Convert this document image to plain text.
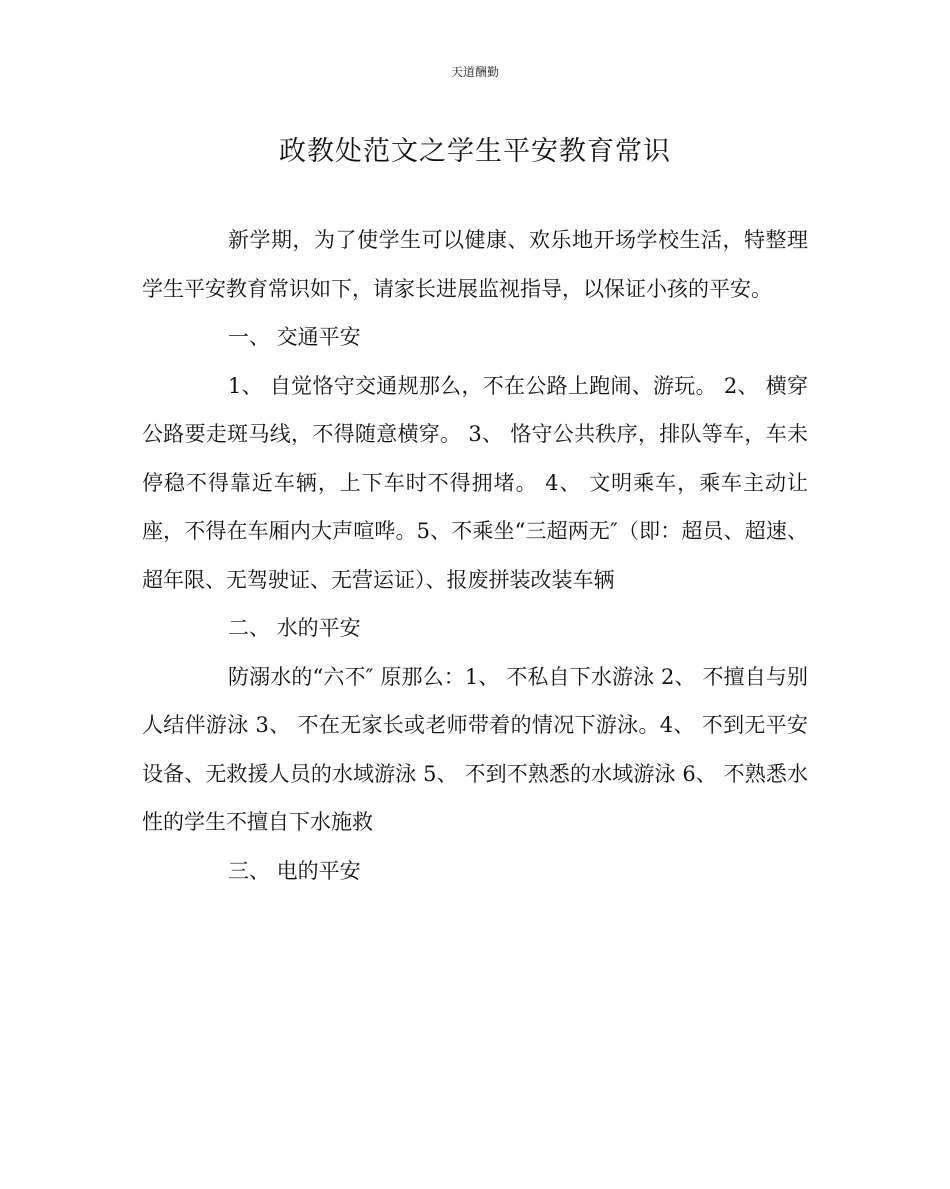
天道酬勤
政教处范文之学生平安教育常识

新学期，为了使学生可以健康、欢乐地开场学校生活，特整理学生平安教育常识如下，请家长进展监视指导，以保证小孩的平安。

一、 交通平安

1、 自觉恪守交通规那么，不在公路上跑闹、游玩。 2、 横穿公路要走斑马线，不得随意横穿。 3、 恪守公共秩序，排队等车，车未停稳不得靠近车辆，上下车时不得拥堵。 4、 文明乘车，乘车主动让座，不得在车厢内大声喧哗。5、不乘坐“三超两无″（即：超员、超速、超年限、无驾驶证、无营运证）、报废拼装改装车辆

二、 水的平安

防溺水的“六不″ 原那么：1、 不私自下水游泳 2、 不擅自与别人结伴游泳 3、 不在无家长或老师带着的情况下游泳。4、 不到无平安设备、无救援人员的水域游泳 5、 不到不熟悉的水域游泳 6、 不熟悉水性的学生不擅自下水施救

三、 电的平安
